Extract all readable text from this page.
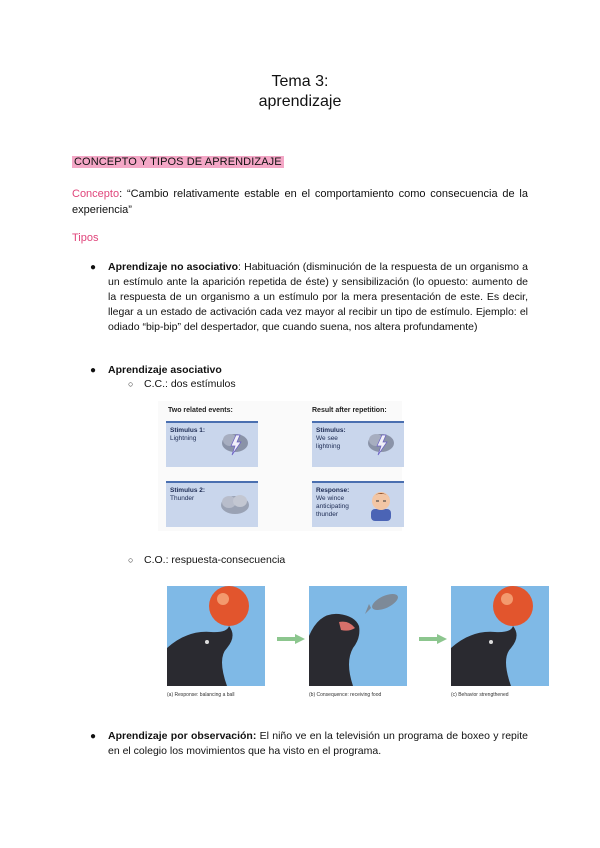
Tema 3:
aprendizaje
CONCEPTO Y TIPOS DE APRENDIZAJE
Concepto: “Cambio relativamente estable en el comportamiento como consecuencia de la experiencia”
Tipos
● Aprendizaje no asociativo: Habituación (disminución de la respuesta de un organismo a un estímulo ante la aparición repetida de éste) y sensibilización (lo opuesto: aumento de la respuesta de un organismo a un estímulo por la mera presentación de este. Es decir, llegar a un estado de activación cada vez mayor al recibir un tipo de estímulo. Ejemplo: el odiado “bip-bip” del despertador, que cuando suena, nos altera profundamente)
● Aprendizaje asociativo
○ C.C.: dos estímulos
Two related events:	Result after repetition:
Stimulus 1:
Lightning
Stimulus:
We see lightning
Stimulus 2:
Thunder
Response:
We wince anticipating thunder
○ C.O.: respuesta-consecuencia
(a) Response: balancing a ball	(b) Consequence: receiving food	(c) Behavior strengthened
● Aprendizaje por observación: El niño ve en la televisión un programa de boxeo y repite en el colegio los movimientos que ha visto en el programa.
